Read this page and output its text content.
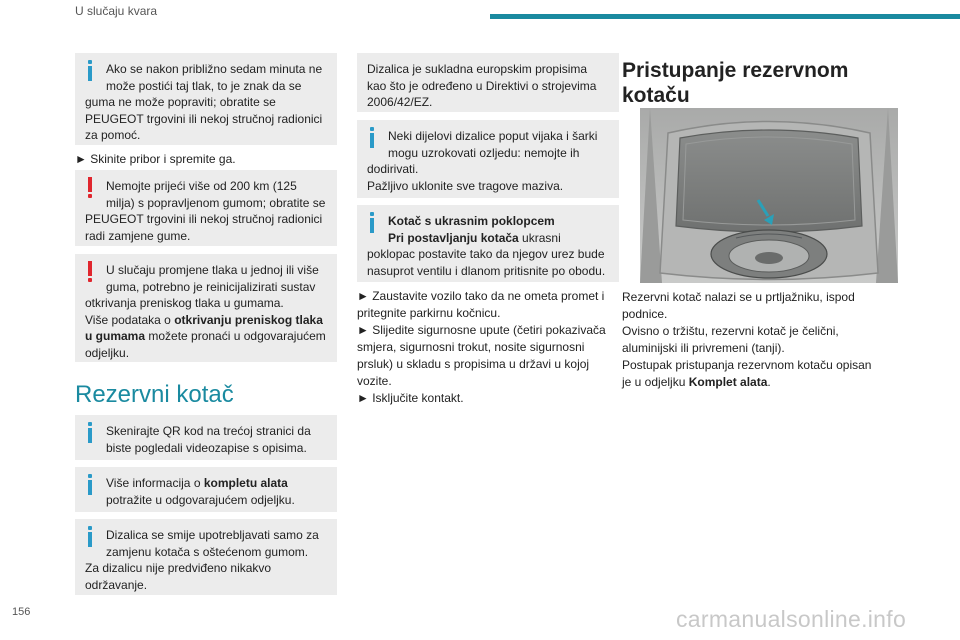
U slučaju kvara

Ako se nakon približno sedam minuta ne

može postići taj tlak, to je znak da se

guma ne može popraviti; obratite se

PEUGEOT trgovini ili nekoj stručnoj radionici

za pomoć.

► Skinite pribor i spremite ga.

Nemojte prijeći više od 200 km (125

milja) s popravljenom gumom; obratite se

PEUGEOT trgovini ili nekoj stručnoj radionici

radi zamjene gume.

U slučaju promjene tlaka u jednoj ili više

guma, potrebno je reinicijalizirati sustav

otkrivanja preniskog tlaka u gumama.

Više podataka o otkrivanju preniskog tlaka

u gumama možete pronaći u odgovarajućem

odjeljku.

Rezervni kotač

Skenirajte QR kod na trećoj stranici da

biste pogledali videozapise s opisima.

Više informacija o kompletu alata

potražite u odgovarajućem odjeljku.

Dizalica se smije upotrebljavati samo za

zamjenu kotača s oštećenom gumom.

Za dizalicu nije predviđeno nikakvo

održavanje.

Dizalica je sukladna europskim propisima

kao što je određeno u Direktivi o strojevima

2006/42/EZ.

Neki dijelovi dizalice poput vijaka i šarki

mogu uzrokovati ozljedu: nemojte ih

dodirivati.

Pažljivo uklonite sve tragove maziva.

Kotač s ukrasnim poklopcem

Pri postavljanju kotača ukrasni

poklopac postavite tako da njegov urez bude

nasuprot ventilu i dlanom pritisnite po obodu.

► Zaustavite vozilo tako da ne ometa promet i

pritegnite parkirnu kočnicu.

► Slijedite sigurnosne upute (četiri pokazivača

smjera, sigurnosni trokut, nosite sigurnosni

prsluk) u skladu s propisima u državi u kojoj

vozite.

► Isključite kontakt.

Pristupanje rezervnom
kotaču

Rezervni kotač nalazi se u prtljažniku, ispod

podnice.

Ovisno o tržištu, rezervni kotač je čelični,

aluminijski ili privremeni (tanji).

Postupak pristupanja rezervnom kotaču opisan

je u odjeljku Komplet alata.

156	carmanualsonline.info
